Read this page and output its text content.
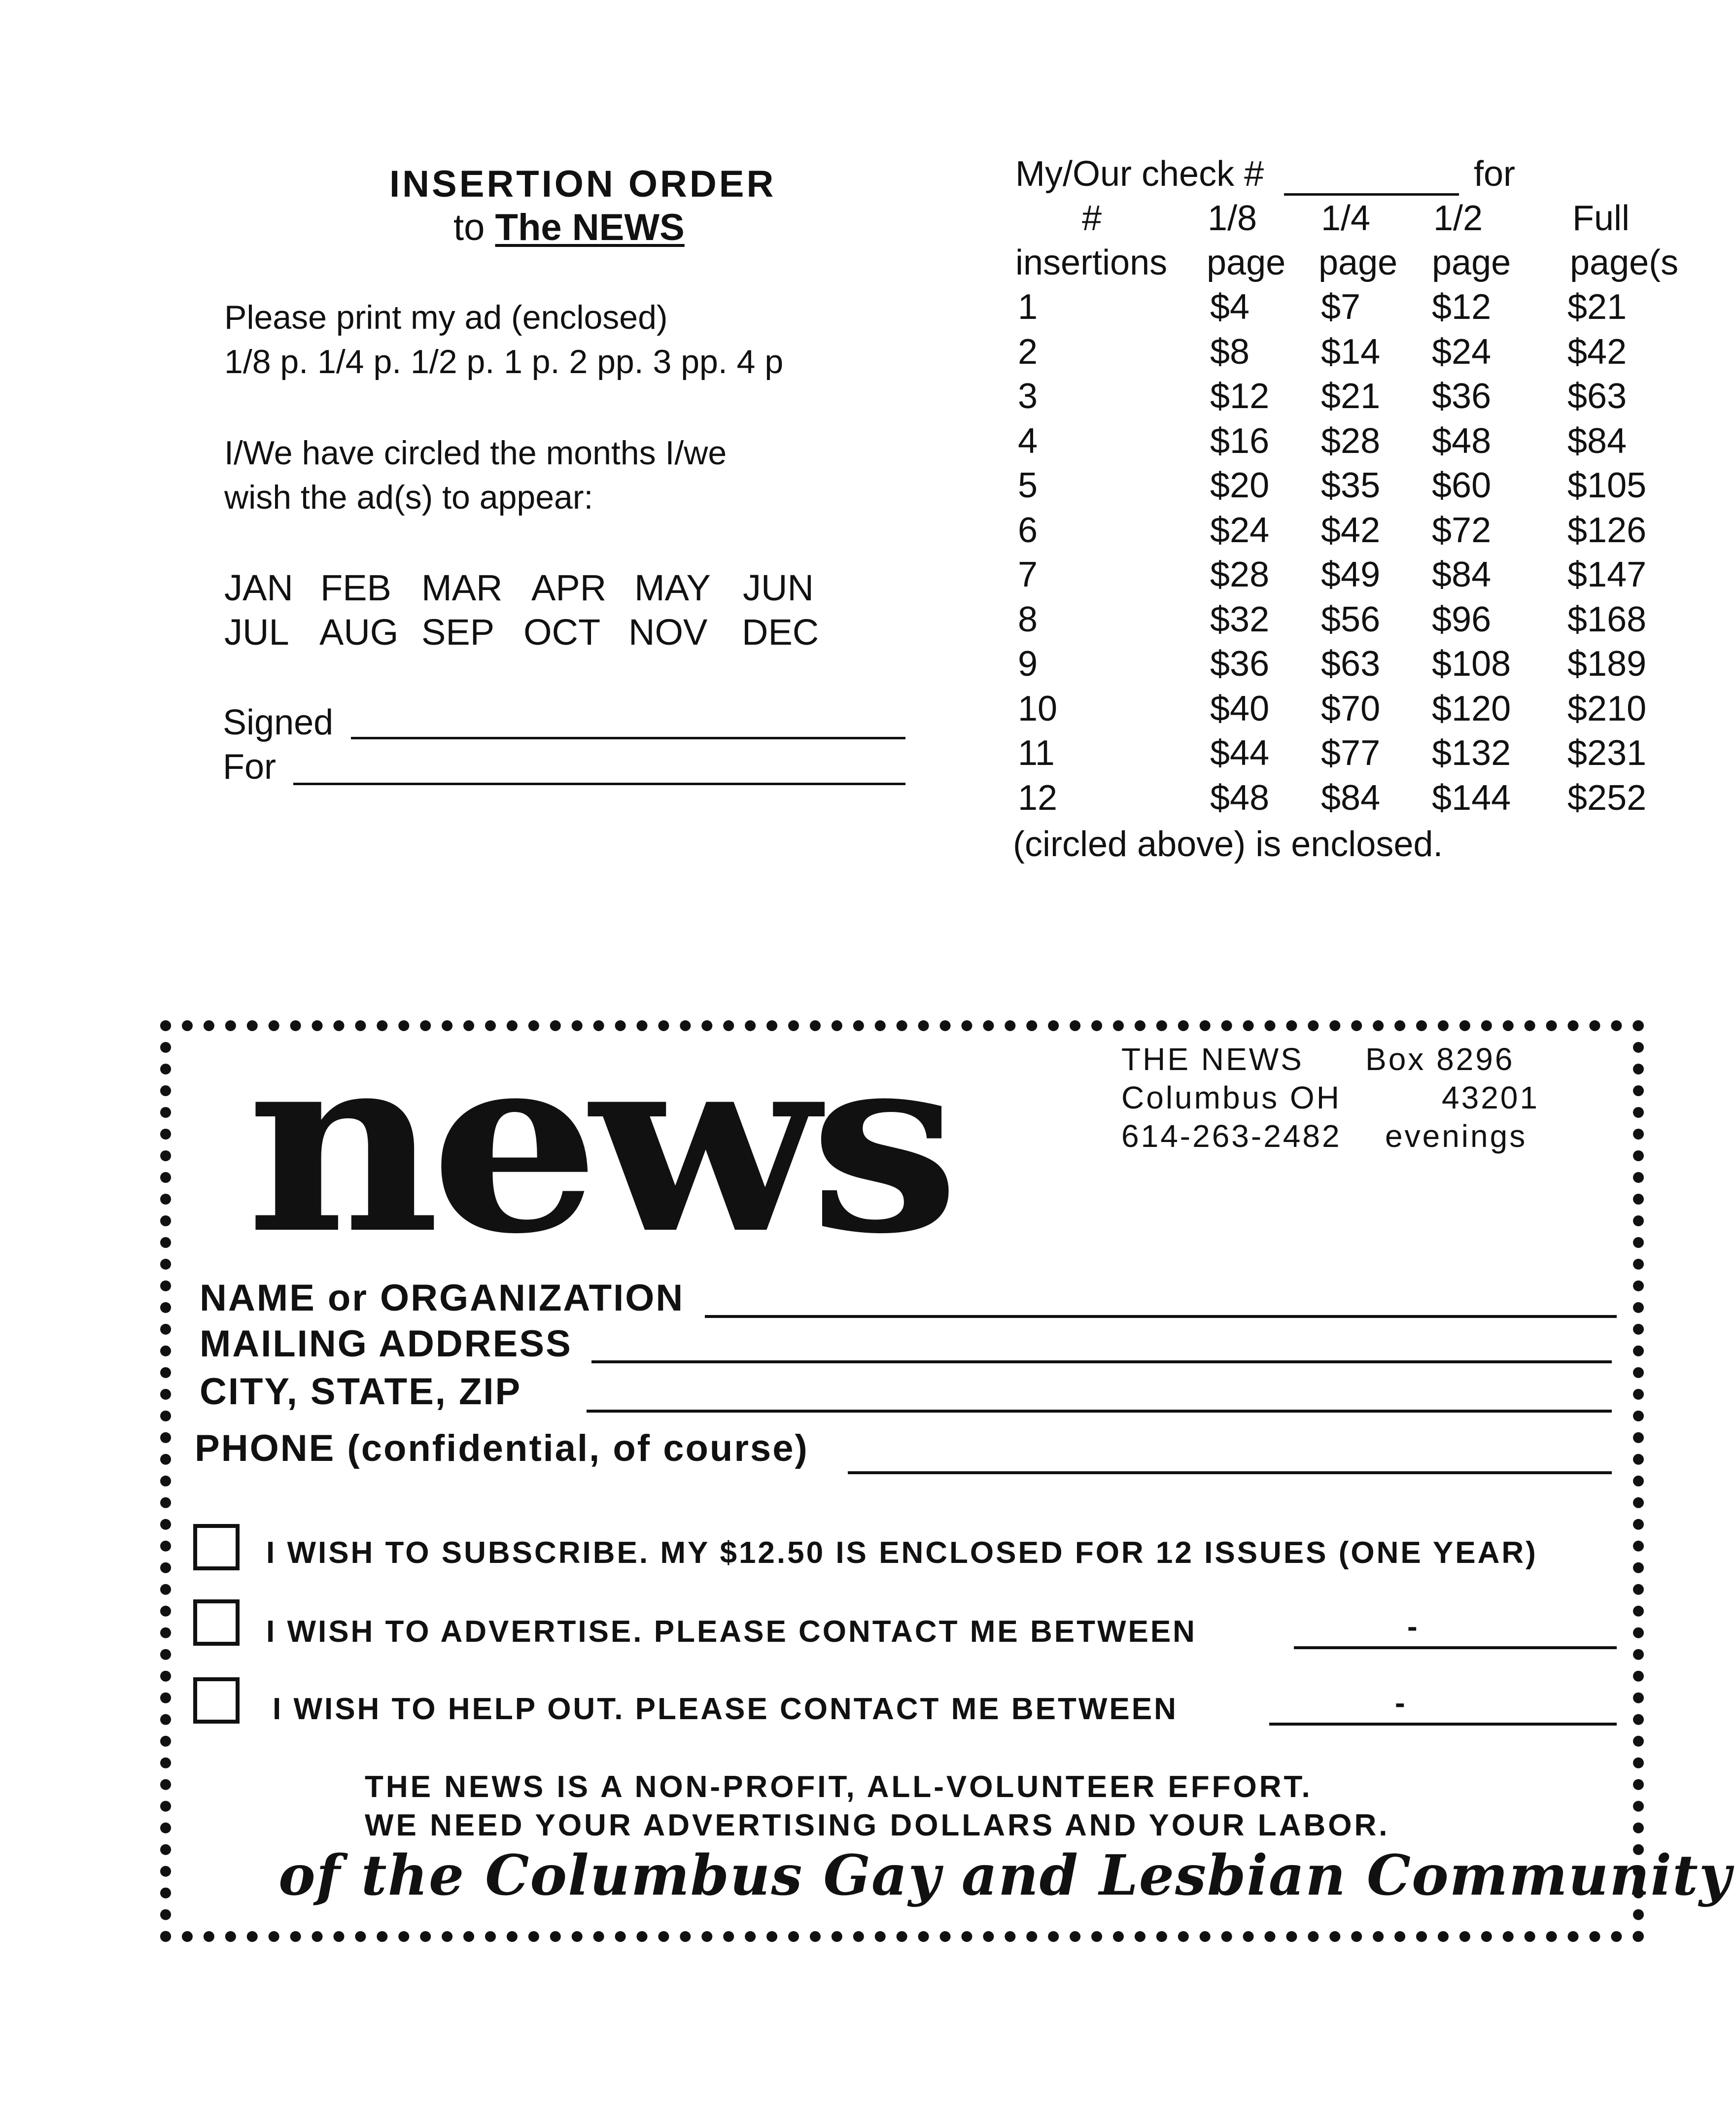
INSERTION ORDER
to The NEWS
Please print my ad (enclosed)
1/8 p. 1/4 p. 1/2 p. 1 p. 2 pp. 3 pp. 4 p
I/We have circled the months I/we
wish the ad(s) to appear:
JAN FEB MAR APR MAY JUN
JUL AUG SEP OCT NOV DEC
Signed
For
My/Our check #	for
#	1/8 1/4 1/2	Full
insertions page page page page(s
1	$4 $7 $12 $21
2	$8 $14 $24 $42
3	$12 $21 $36 $63
4	$16 $28 $48 $84
5	$20 $35 $60 $105
6	$24 $42 $72 $126
7	$28 $49 $84 $147
8	$32 $56 $96 $168
9	$36 $63 $108 $189
10	$40 $70 $120 $210
11	$44 $77 $132 $231
12	$48 $84 $144 $252
(circled above) is enclosed.
news	THE NEWS Box 8296
Columbus OH	43201
614-263-2482 evenings
NAME or ORGANIZATION
MAILING ADDRESS
CITY, STATE, ZIP
PHONE (confidential, of course)
I WISH TO SUBSCRIBE. MY $12.50 IS ENCLOSED FOR 12 ISSUES (ONE YEAR)
I WISH TO ADVERTISE. PLEASE CONTACT ME BETWEEN	-
I WISH TO HELP OUT. PLEASE CONTACT ME BETWEEN	-
THE NEWS IS A NON-PROFIT, ALL-VOLUNTEER EFFORT.
WE NEED YOUR ADVERTISING DOLLARS AND YOUR LABOR.
of the Columbus Gay and Lesbian Community
